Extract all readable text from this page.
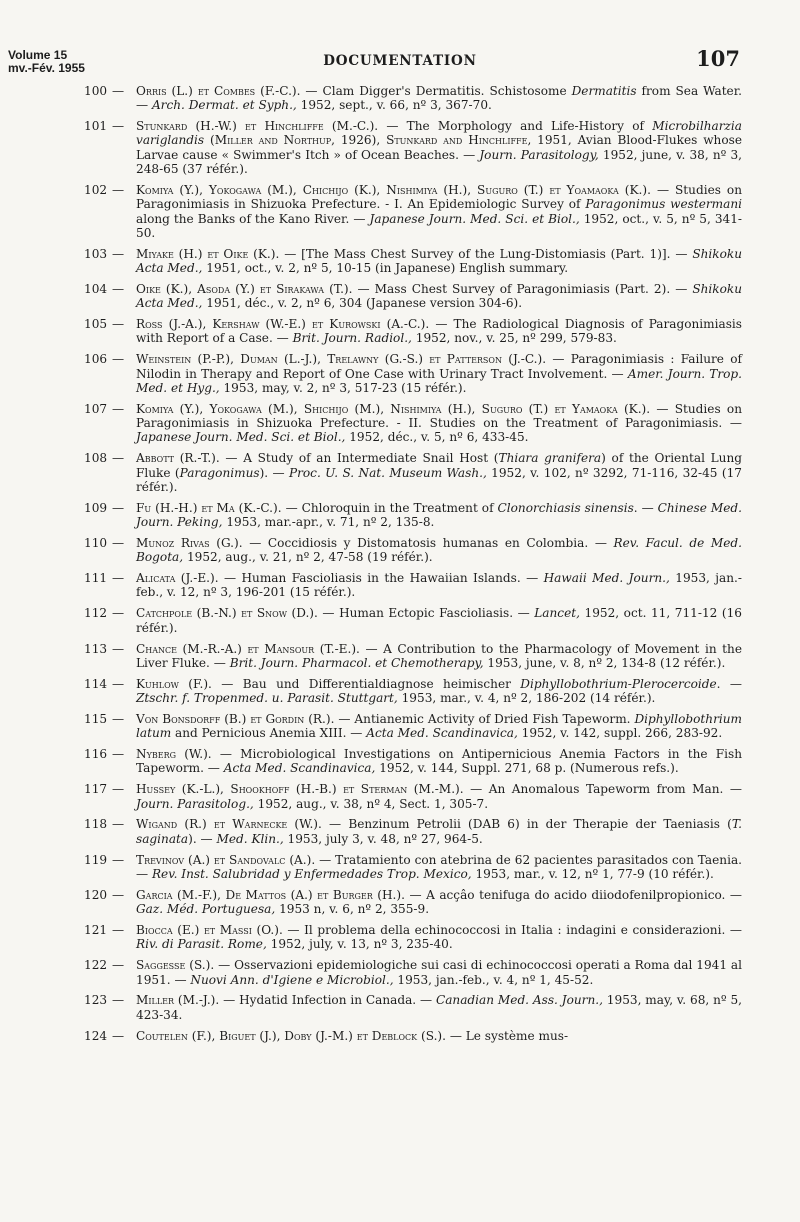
Volume 15
mv.-Fév. 1955	DOCUMENTATION	107
100 — Orris (L.) et Combes (F.-C.). — Clam Digger's Dermatitis. Schistosome Dermatitis from Sea Water. — Arch. Dermat. et Syph., 1952, sept., v. 66, nº 3, 367-70.
101 — Stunkard (H.-W.) et Hinchliffe (M.-C.). — The Morphology and Life-History of Microbilharzia variglandis (Miller and Northup, 1926), Stunkard and Hinchliffe, 1951, Avian Blood-Flukes whose Larvae cause « Swimmer's Itch » of Ocean Beaches. — Journ. Parasitology, 1952, june, v. 38, nº 3, 248-65 (37 référ.).
102 — Komiya (Y.), Yokogawa (M.), Chichijo (K.), Nishimiya (H.), Suguro (T.) et Yoamaoka (K.). — Studies on Paragonimiasis in Shizuoka Prefecture. - I. An Epidemiologic Survey of Paragonimus westermani along the Banks of the Kano River. — Japanese Journ. Med. Sci. et Biol., 1952, oct., v. 5, nº 5, 341-50.
103 — Miyake (H.) et Oike (K.). — [The Mass Chest Survey of the Lung-Distomiasis (Part. 1)]. — Shikoku Acta Med., 1951, oct., v. 2, nº 5, 10-15 (in Japanese) English summary.
104 — Oike (K.), Asoda (Y.) et Sirakawa (T.). — Mass Chest Survey of Paragonimiasis (Part. 2). — Shikoku Acta Med., 1951, déc., v. 2, nº 6, 304 (Japanese version 304-6).
105 — Ross (J.-A.), Kershaw (W.-E.) et Kurowski (A.-C.). — The Radiological Diagnosis of Paragonimiasis with Report of a Case. — Brit. Journ. Radiol., 1952, nov., v. 25, nº 299, 579-83.
106 — Weinstein (P.-P.), Duman (L.-J.), Trelawny (G.-S.) et Patterson (J.-C.). — Paragonimiasis : Failure of Nilodin in Therapy and Report of One Case with Urinary Tract Involvement. — Amer. Journ. Trop. Med. et Hyg., 1953, may, v. 2, nº 3, 517-23 (15 référ.).
107 — Komiya (Y.), Yokogawa (M.), Shichijo (M.), Nishimiya (H.), Suguro (T.) et Yamaoka (K.). — Studies on Paragonimiasis in Shizuoka Prefecture. - II. Studies on the Treatment of Paragonimiasis. — Japanese Journ. Med. Sci. et Biol., 1952, déc., v. 5, nº 6, 433-45.
108 — Abbott (R.-T.). — A Study of an Intermediate Snail Host (Thiara granifera) of the Oriental Lung Fluke (Paragonimus). — Proc. U. S. Nat. Museum Wash., 1952, v. 102, nº 3292, 71-116, 32-45 (17 référ.).
109 — Fu (H.-H.) et Ma (K.-C.). — Chloroquin in the Treatment of Clonorchiasis sinensis. — Chinese Med. Journ. Peking, 1953, mar.-apr., v. 71, nº 2, 135-8.
110 — Munoz Rivas (G.). — Coccidiosis y Distomatosis humanas en Colombia. — Rev. Facul. de Med. Bogota, 1952, aug., v. 21, nº 2, 47-58 (19 référ.).
111 — Alicata (J.-E.). — Human Fascioliasis in the Hawaiian Islands. — Hawaii Med. Journ., 1953, jan.-feb., v. 12, nº 3, 196-201 (15 référ.).
112 — Catchpole (B.-N.) et Snow (D.). — Human Ectopic Fascioliasis. — Lancet, 1952, oct. 11, 711-12 (16 référ.).
113 — Chance (M.-R.-A.) et Mansour (T.-E.). — A Contribution to the Pharmacology of Movement in the Liver Fluke. — Brit. Journ. Pharmacol. et Chemotherapy, 1953, june, v. 8, nº 2, 134-8 (12 référ.).
114 — Kuhlow (F.). — Bau und Differentialdiagnose heimischer Diphyllobothrium-Plerocercoide. — Ztschr. f. Tropenmed. u. Parasit. Stuttgart, 1953, mar., v. 4, nº 2, 186-202 (14 référ.).
115 — Von Bonsdorff (B.) et Gordin (R.). — Antianemic Activity of Dried Fish Tapeworm. Diphyllobothrium latum and Pernicious Anemia XIII. — Acta Med. Scandinavica, 1952, v. 142, suppl. 266, 283-92.
116 — Nyberg (W.). — Microbiological Investigations on Antipernicious Anemia Factors in the Fish Tapeworm. — Acta Med. Scandinavica, 1952, v. 144, Suppl. 271, 68 p. (Numerous refs.).
117 — Hussey (K.-L.), Shookhoff (H.-B.) et Sterman (M.-M.). — An Anomalous Tapeworm from Man. — Journ. Parasitolog., 1952, aug., v. 38, nº 4, Sect. 1, 305-7.
118 — Wigand (R.) et Warnecke (W.). — Benzinum Petrolii (DAB 6) in der Therapie der Taeniasis (T. saginata). — Med. Klin., 1953, july 3, v. 48, nº 27, 964-5.
119 — Trevinov (A.) et Sandovalc (A.). — Tratamiento con atebrina de 62 pacientes parasitados con Taenia. — Rev. Inst. Salubridad y Enfermedades Trop. Mexico, 1953, mar., v. 12, nº 1, 77-9 (10 référ.).
120 — Garcia (M.-F.), De Mattos (A.) et Burger (H.). — A acçâo tenifuga do acido diiodofenilpropionico. — Gaz. Méd. Portuguesa, 1953 n, v. 6, nº 2, 355-9.
121 — Biocca (E.) et Massi (O.). — Il problema della echinococcosi in Italia : indagini e considerazioni. — Riv. di Parasit. Rome, 1952, july, v. 13, nº 3, 235-40.
122 — Saggesse (S.). — Osservazioni epidemiologiche sui casi di echinococcosi operati a Roma dal 1941 al 1951. — Nuovi Ann. d'Igiene e Microbiol., 1953, jan.-feb., v. 4, nº 1, 45-52.
123 — Miller (M.-J.). — Hydatid Infection in Canada. — Canadian Med. Ass. Journ., 1953, may, v. 68, nº 5, 423-34.
124 — Coutelen (F.), Biguet (J.), Doby (J.-M.) et Deblock (S.). — Le système mus-
